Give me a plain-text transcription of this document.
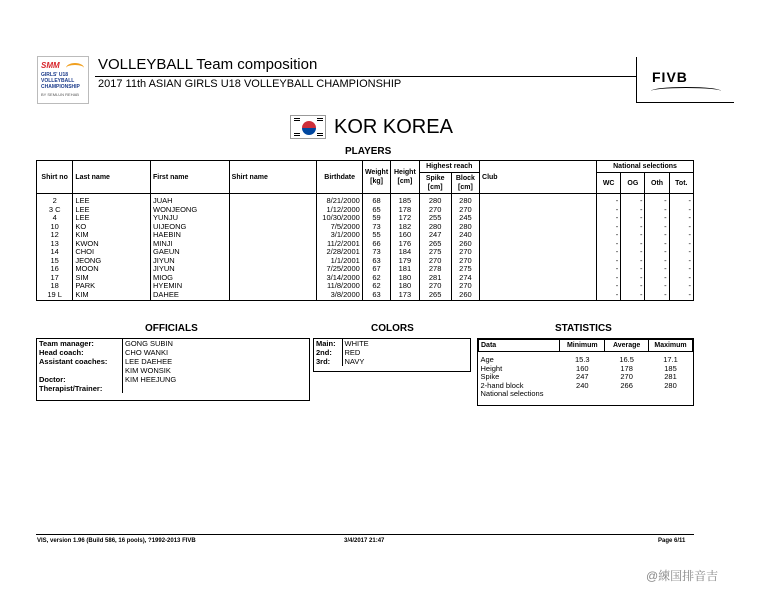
SMM
GIRLS' U18 VOLLEYBALL CHAMPIONSHIP
BY SEMLUN REHAB
VOLLEYBALL Team composition
2017 11th ASIAN GIRLS U18 VOLLEYBALL CHAMPIONSHIP	FIVB
KOR KOREA
PLAYERS
Shirt no	Last name	First name	Shirt name	Birthdate	Weight [kg]	Height [cm]	Highest reach		Club	National selections			
							Spike [cm]	Block [cm]		WC	OG	Oth	Tot.
2	LEE	JUAH		8/21/2000	68	185	280	280		-	-	-	-
3 C	LEE	WONJEONG		1/12/2000	65	178	270	270		-	-	-	-
4	LEE	YUNJU		10/30/2000	59	172	255	245		-	-	-	-
10	KO	UIJEONG		7/5/2000	73	182	280	280		-	-	-	-
12	KIM	HAEBIN		3/1/2000	55	160	247	240		-	-	-	-
13	KWON	MINJI		11/2/2001	66	176	265	260		-	-	-	-
14	CHOI	GAEUN		2/28/2001	73	184	275	270		-	-	-	-
15	JEONG	JIYUN		1/1/2001	63	179	270	270		-	-	-	-
16	MOON	JIYUN		7/25/2000	67	181	278	275		-	-	-	-
17	SIM	MIOG		3/14/2000	62	180	281	274		-	-	-	-
18	PARK	HYEMIN		11/8/2000	62	180	270	270		-	-	-	-
19 L	KIM	DAHEE		3/8/2000	63	173	265	260		-	-	-	-
OFFICIALS
Team manager:	GONG SUBIN
Head coach:	CHO WANKI
Assistant coaches:	LEE DAEHEE
KIM WONSIK
Doctor:	KIM HEEJUNG
Therapist/Trainer:
COLORS
Main:	WHITE
2nd:	RED
3rd:	NAVY
STATISTICS
Data	Minimum	Average	Maximum
Age	15.3	16.5	17.1
Height	160	178	185
Spike	247	270	281
2-hand block	240	266	280
National selections			
VIS, version 1.96 (Build 586, 16 pools), ?1992-2013 FIVB	3/4/2017 21:47	Page 6/11
@練国排音吉
